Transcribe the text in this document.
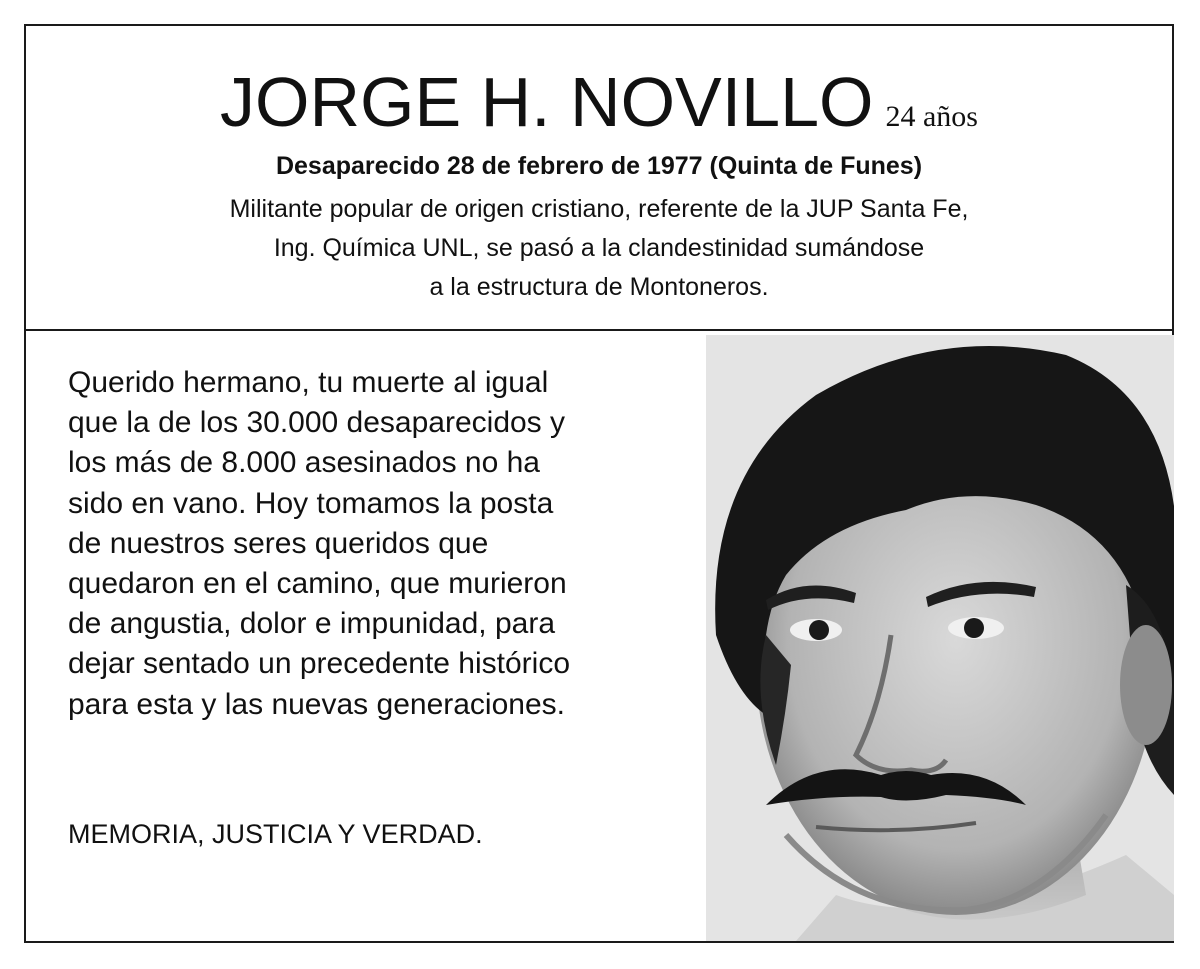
JORGE H. NOVILLO 24 años
Desaparecido 28 de febrero de 1977 (Quinta de Funes)
Militante popular de origen cristiano, referente de la JUP Santa Fe,
Ing. Química UNL, se pasó a la clandestinidad sumándose
a la estructura de Montoneros.
Querido hermano, tu muerte al igual
que la de los 30.000 desaparecidos y
los más de 8.000 asesinados no ha
sido en vano. Hoy tomamos la posta
de nuestros seres queridos que
quedaron en el camino, que murieron
de angustia, dolor e impunidad, para
dejar sentado un precedente histórico
para esta y las nuevas generaciones.
MEMORIA, JUSTICIA Y VERDAD.
